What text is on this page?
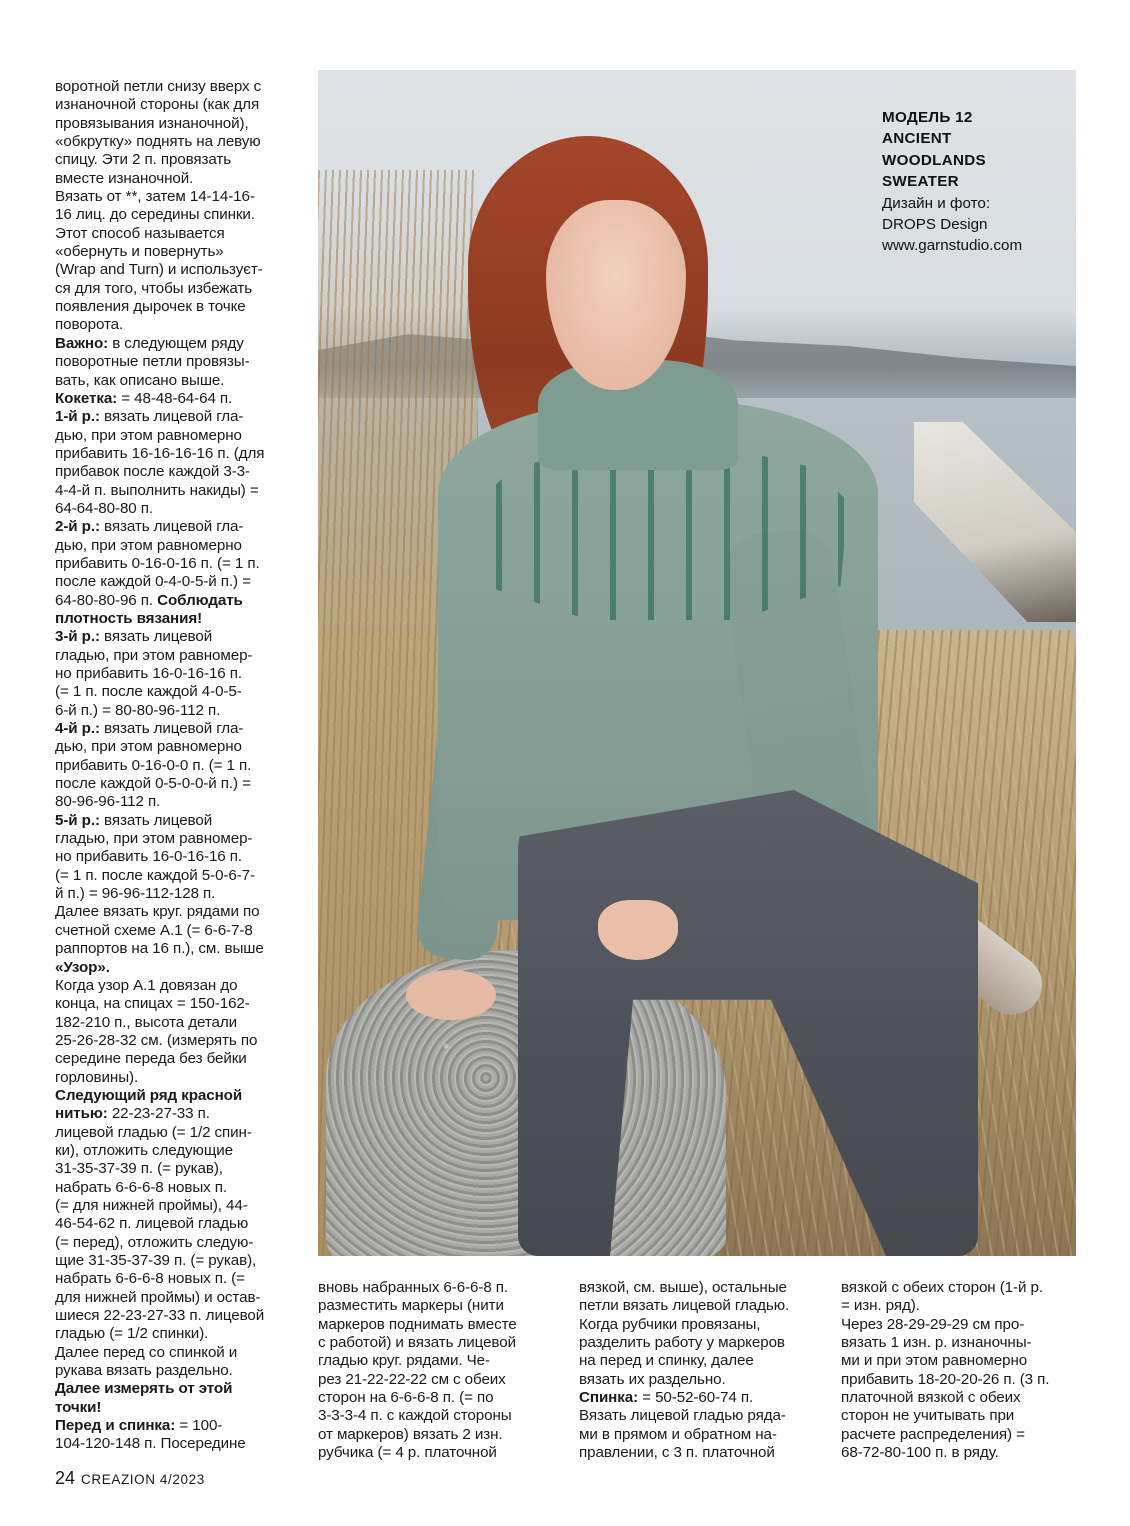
воротной петли снизу вверх с
изнаночной стороны (как для
провязывания изнаночной),
«обкрутку» поднять на левую
спицу. Эти 2 п. провязать
вместе изнаночной.
Вязать от **, затем 14-14-16-
16 лиц. до середины спинки.
Этот способ называется
«обернуть и повернуть»
(Wrap and Turn) и используєт-
ся для того, чтобы избежать
появления дырочек в точке
поворота.
Важно: в следующем ряду
поворотные петли провязы-
вать, как описано выше.
Кокетка: = 48-48-64-64 п.
1-й р.: вязать лицевой гла-
дью, при этом равномерно
прибавить 16-16-16-16 п. (для
прибавок после каждой 3-3-
4-4-й п. выполнить накиды) =
64-64-80-80 п.
2-й р.: вязать лицевой гла-
дью, при этом равномерно
прибавить 0-16-0-16 п. (= 1 п.
после каждой 0-4-0-5-й п.) =
64-80-80-96 п. Соблюдать
плотность вязания!
3-й р.: вязать лицевой
гладью, при этом равномер-
но прибавить 16-0-16-16 п.
(= 1 п. после каждой 4-0-5-
6-й п.) = 80-80-96-112 п.
4-й р.: вязать лицевой гла-
дью, при этом равномерно
прибавить 0-16-0-0 п. (= 1 п.
после каждой 0-5-0-0-й п.) =
80-96-96-112 п.
5-й р.: вязать лицевой
гладью, при этом равномер-
но прибавить 16-0-16-16 п.
(= 1 п. после каждой 5-0-6-7-
й п.) = 96-96-112-128 п.
Далее вязать круг. рядами по
счетной схеме А.1 (= 6-6-7-8
раппортов на 16 п.), см. выше
«Узор».
Когда узор А.1 довязан до
конца, на спицах = 150-162-
182-210 п., высота детали
25-26-28-32 см. (измерять по
середине переда без бейки
горловины).
Следующий ряд красной
нитью: 22-23-27-33 п.
лицевой гладью (= 1/2 спин-
ки), отложить следующие
31-35-37-39 п. (= рукав),
набрать 6-6-6-8 новых п.
(= для нижней проймы), 44-
46-54-62 п. лицевой гладью
(= перед), отложить следую-
щие 31-35-37-39 п. (= рукав),
набрать 6-6-6-8 новых п. (=
для нижней проймы) и остав-
шиеся 22-23-27-33 п. лицевой
гладью (= 1/2 спинки).
Далее перед со спинкой и
рукава вязать раздельно.
Далее измерять от этой
точки!
Перед и спинка: = 100-
104-120-148 п. Посередине
МОДЕЛЬ 12
ANCIENT
WOODLANDS
SWEATER
Дизайн и фото:
DROPS Design
www.garnstudio.com
вновь набранных 6-6-6-8 п.
разместить маркеры (нити
маркеров поднимать вместе
с работой) и вязать лицевой
гладью круг. рядами. Че-
рез 21-22-22-22 см с обеих
сторон на 6-6-6-8 п. (= по
3-3-3-4 п. с каждой стороны
от маркеров) вязать 2 изн.
рубчика (= 4 р. платочной
вязкой, см. выше), остальные
петли вязать лицевой гладью.
Когда рубчики провязаны,
разделить работу у маркеров
на перед и спинку, далее
вязать их раздельно.
Спинка: = 50-52-60-74 п.
Вязать лицевой гладью рядa-
ми в прямом и обратном на-
правлении, с 3 п. платочной
вязкой с обеих сторон (1-й р.
= изн. ряд).
Через 28-29-29-29 см про-
вязать 1 изн. р. изнаночны-
ми и при этом равномерно
прибавить 18-20-20-26 п. (3 п.
платочной вязкой с обеих
сторон не учитывать при
расчете распределения) =
68-72-80-100 п. в ряду.
24 CREAZION 4/2023
